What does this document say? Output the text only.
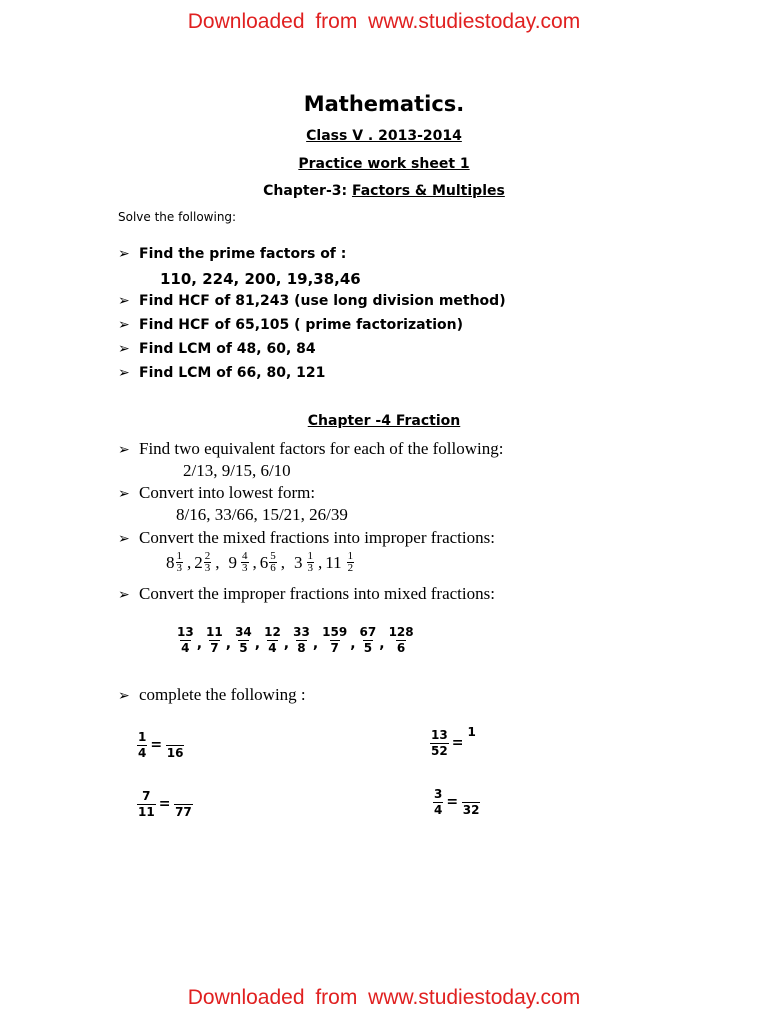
Downloaded from www.studiestoday.com
Mathematics.
Class V . 2013-2014
Practice work sheet 1
Chapter-3: Factors & Multiples
Solve the following:
➢ Find the prime factors of :
110, 224, 200, 19,38,46
➢ Find HCF of 81,243 (use long division method)
➢ Find HCF of 65,105 ( prime factorization)
➢ Find LCM of 48, 60, 84
➢ Find LCM of 66, 80, 121
Chapter -4 Fraction
➢ Find two equivalent factors for each of the following:
2/13, 9/15, 6/10
➢ Convert into lowest form:
8/16, 33/66, 15/21, 26/39
➢ Convert the mixed fractions into improper fractions:
$8 \frac{1}{3}$ , $2 \frac{2}{3}$ , $9 \frac{4}{3}$ , $6 \frac{5}{6}$ , $3 \frac{1}{3}$ , $11 \frac{1}{2}$
➢ Convert the improper fractions into mixed fractions:
$\frac{13}{4}$ , $\frac{11}{7}$ , $\frac{34}{5}$ , $\frac{12}{4}$ , $\frac{33}{8}$ , $\frac{159}{7}$ , $\frac{67}{5}$ , $\frac{128}{6}$
➢ complete the following :
$\frac{1}{4} = 16$	$\frac{13}{52}$ =
1
$\frac{7}{11} = 77$	$\frac{3}{4} = 32$
Downloaded from www.studiestoday.com
